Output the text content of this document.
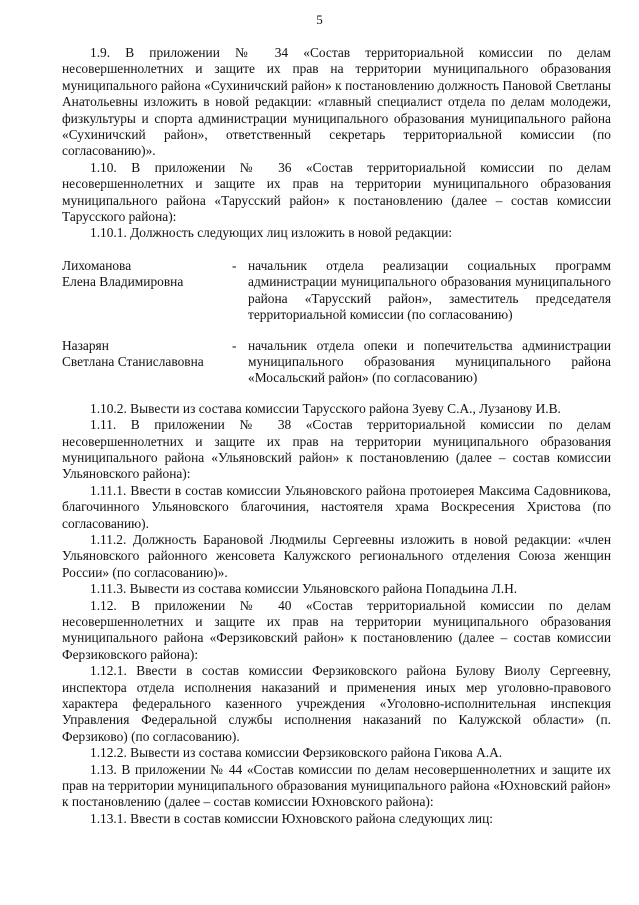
5

1.9. В приложении № 34 «Состав территориальной комиссии по делам несовершеннолетних и защите их прав на территории муниципального образования муниципального района «Сухиничский район» к постановлению должность Пановой Светланы Анатольевны изложить в новой редакции: «главный специалист отдела по делам молодежи, физкультуры и спорта администрации муниципального образования муниципального района «Сухиничский район», ответственный секретарь территориальной комиссии (по согласованию)».

1.10. В приложении № 36 «Состав территориальной комиссии по делам несовершеннолетних и защите их прав на территории муниципального образования муниципального района «Тарусский район» к постановлению (далее – состав комиссии Тарусского района):

1.10.1. Должность следующих лиц изложить в новой редакции:

Лихоманова
Елена Владимировна
- начальник отдела реализации социальных программ администрации муниципального образования муниципального района «Тарусский район», заместитель председателя территориальной комиссии (по согласованию)
Назарян
Светлана Станиславовна
- начальник отдела опеки и попечительства администрации муниципального образования муниципального района «Мосальский район» (по согласованию)

1.10.2. Вывести из состава комиссии Тарусского района Зуеву С.А., Лузанову И.В.

1.11. В приложении № 38 «Состав территориальной комиссии по делам несовершеннолетних и защите их прав на территории муниципального образования муниципального района «Ульяновский район» к постановлению (далее – состав комиссии Ульяновского района):

1.11.1. Ввести в состав комиссии Ульяновского района протоиерея Максима Садовникова, благочинного Ульяновского благочиния, настоятеля храма Воскресения Христова (по согласованию).

1.11.2. Должность Барановой Людмилы Сергеевны изложить в новой редакции: «член Ульяновского районного женсовета Калужского регионального отделения Союза женщин России» (по согласованию)».

1.11.3. Вывести из состава комиссии Ульяновского района Попадьина Л.Н.

1.12. В приложении № 40 «Состав территориальной комиссии по делам несовершеннолетних и защите их прав на территории муниципального образования муниципального района «Ферзиковский район» к постановлению (далее – состав комиссии Ферзиковского района):

1.12.1. Ввести в состав комиссии Ферзиковского района Булову Виолу Сергеевну, инспектора отдела исполнения наказаний и применения иных мер уголовно-правового характера федерального казенного учреждения «Уголовно-исполнительная инспекция Управления Федеральной службы исполнения наказаний по Калужской области» (п. Ферзиково) (по согласованию).

1.12.2. Вывести из состава комиссии Ферзиковского района Гикова А.А.

1.13. В приложении № 44 «Состав комиссии по делам несовершеннолетних и защите их прав на территории муниципального образования муниципального района «Юхновский район» к постановлению (далее – состав комиссии Юхновского района):

1.13.1. Ввести в состав комиссии Юхновского района следующих лиц:
